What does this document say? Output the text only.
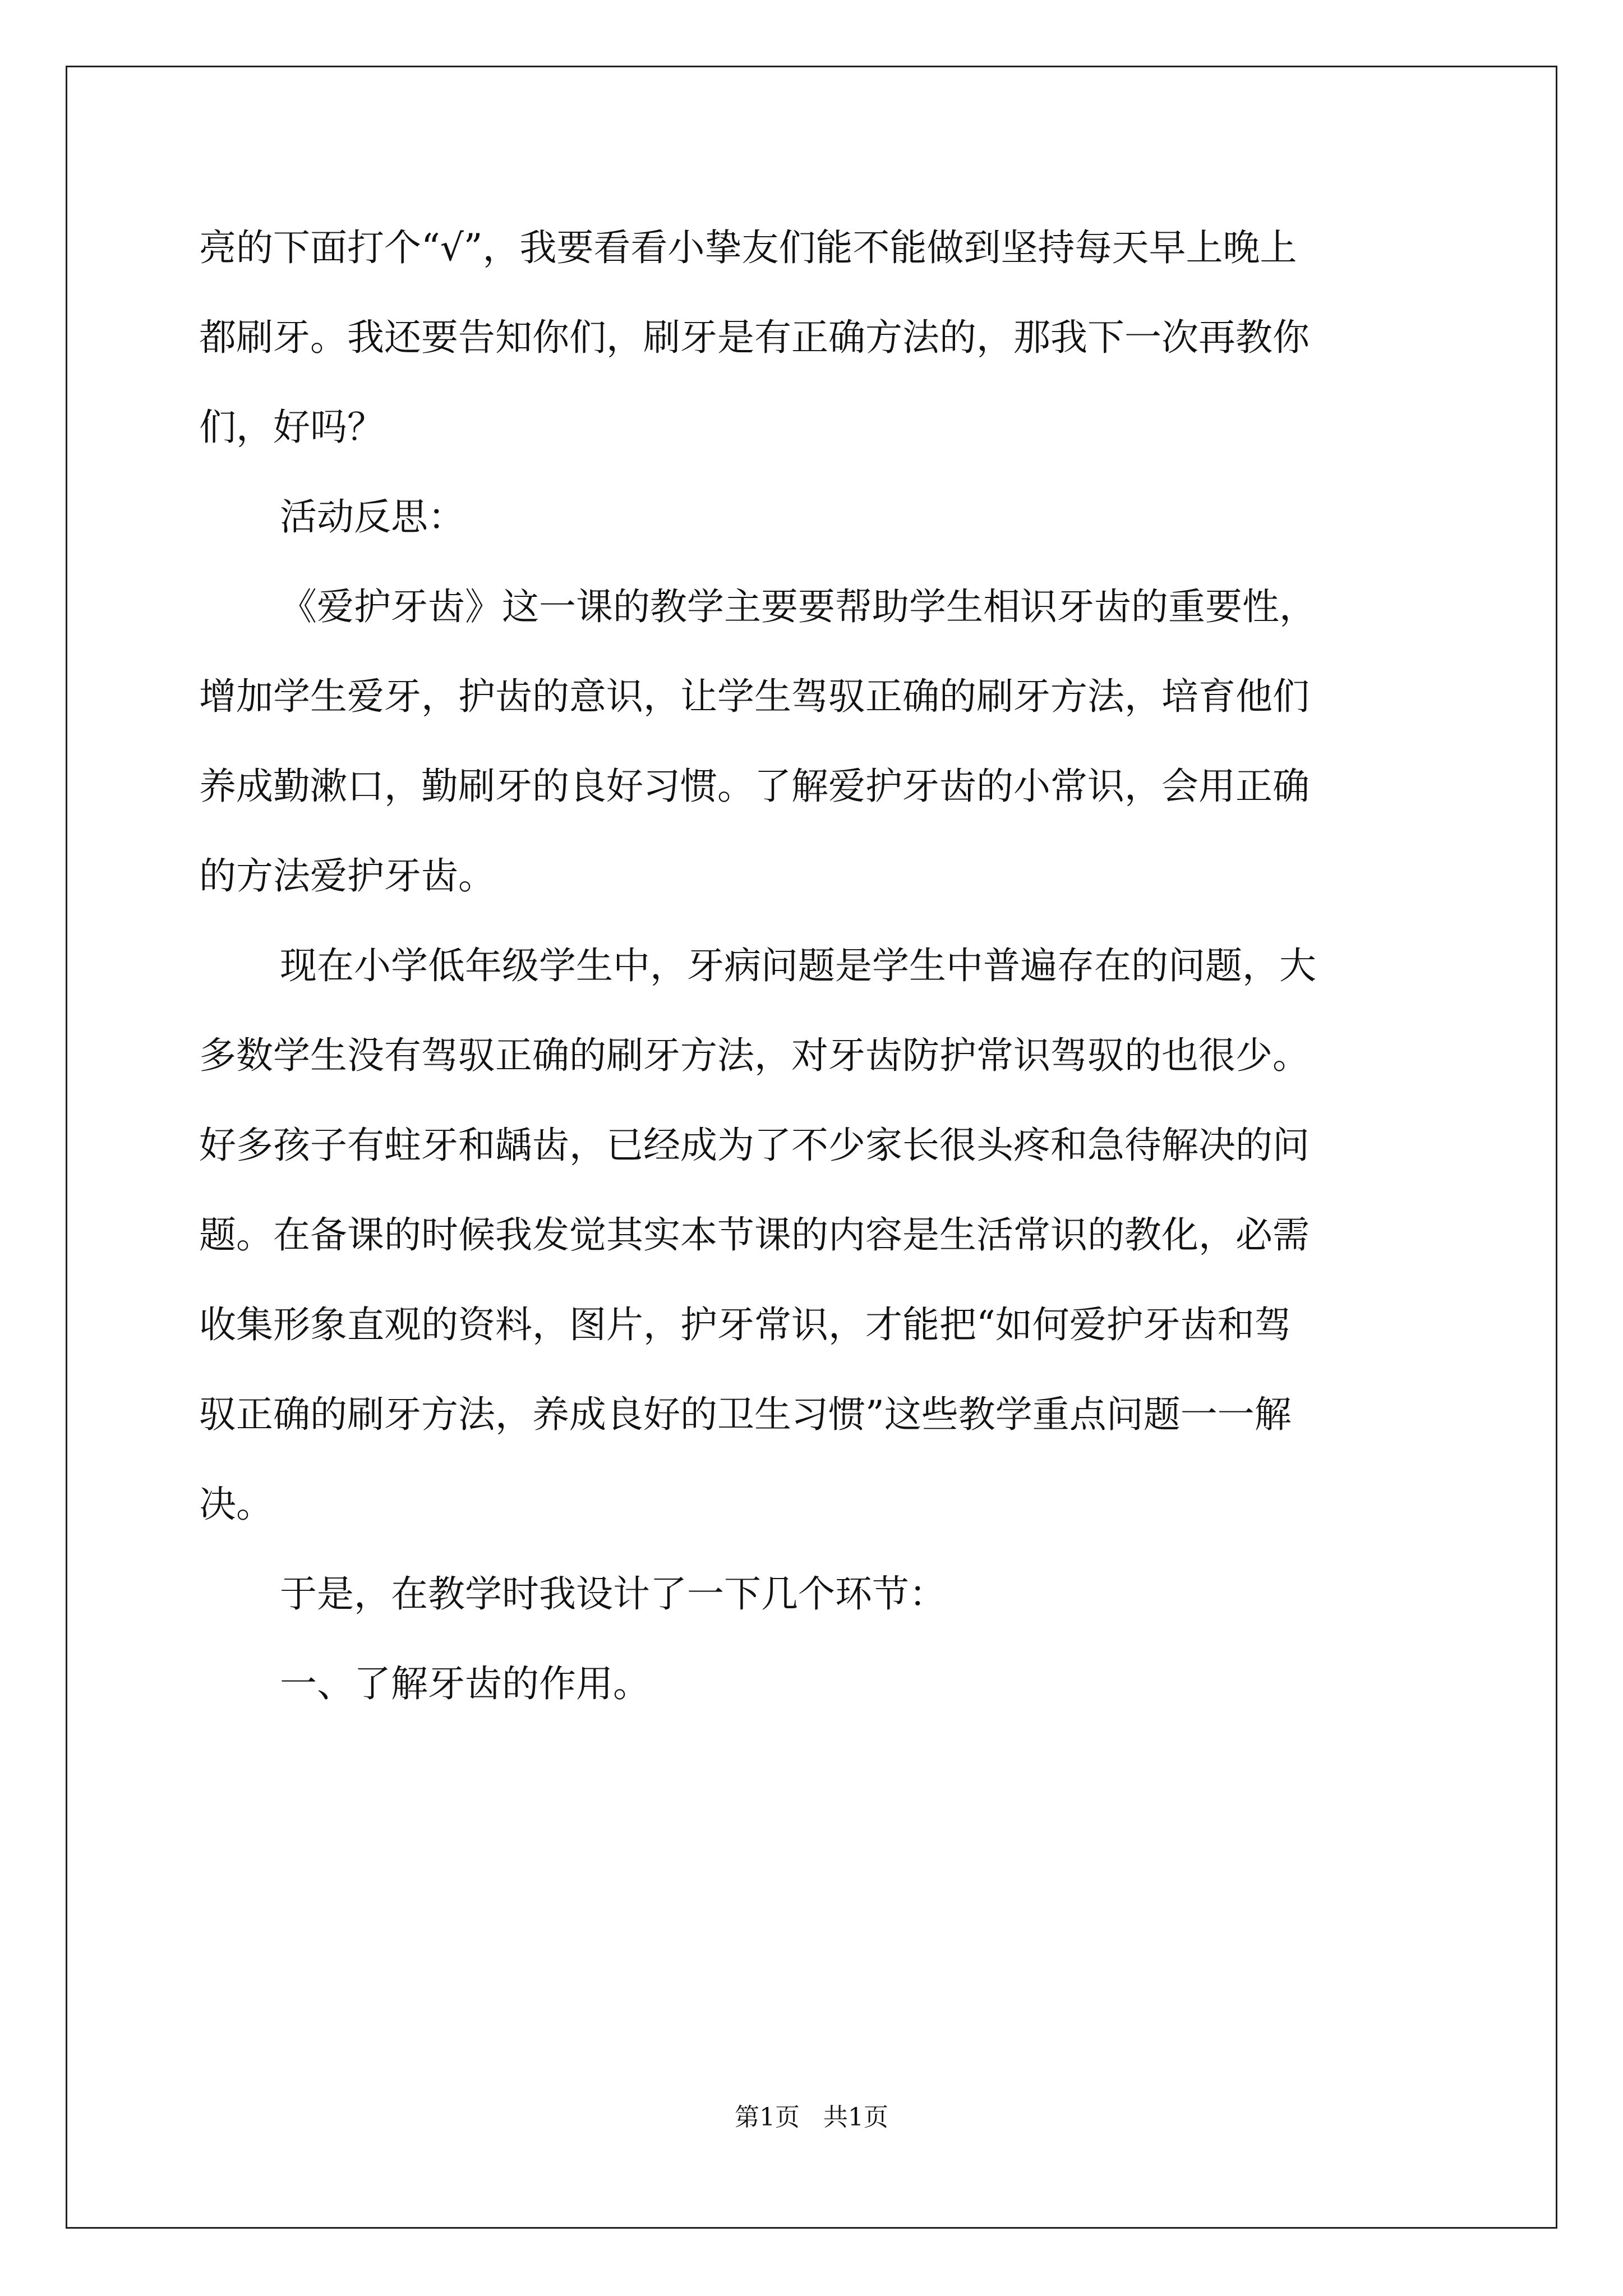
亮的下面打个“√”，我要看看小挚友们能不能做到坚持每天早上晚上
都刷牙。我还要告知你们，刷牙是有正确方法的，那我下一次再教你
们，好吗？
活动反思：
《爱护牙齿》这一课的教学主要要帮助学生相识牙齿的重要性，
增加学生爱牙，护齿的意识，让学生驾驭正确的刷牙方法，培育他们
养成勤漱口，勤刷牙的良好习惯。了解爱护牙齿的小常识，会用正确
的方法爱护牙齿。
现在小学低年级学生中，牙病问题是学生中普遍存在的问题，大
多数学生没有驾驭正确的刷牙方法，对牙齿防护常识驾驭的也很少。
好多孩子有蛀牙和龋齿，已经成为了不少家长很头疼和急待解决的问
题。在备课的时候我发觉其实本节课的内容是生活常识的教化，必需
收集形象直观的资料，图片，护牙常识，才能把“如何爱护牙齿和驾
驭正确的刷牙方法，养成良好的卫生习惯”这些教学重点问题一一解
决。
于是，在教学时我设计了一下几个环节：
一、了解牙齿的作用。
第1页   共1页
